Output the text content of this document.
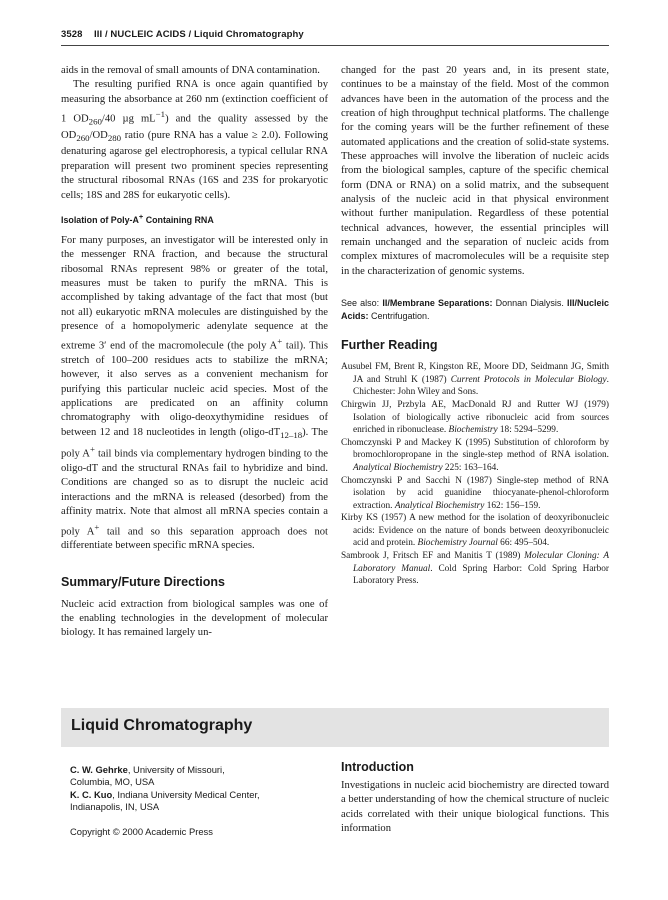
3528 III / NUCLEIC ACIDS / Liquid Chromatography

aids in the removal of small amounts of DNA contamination.

The resulting purified RNA is once again quantified by measuring the absorbance at 260 nm (extinction coefficient of 1 $OD_{260}/40$ µg $mL^{-1}$) and the quality assessed by the $OD_{260}/OD_{280}$ ratio (pure RNA has a value ≥ 2.0). Following denaturing agarose gel electrophoresis, a typical cellular RNA preparation will present two prominent species representing the structural ribosomal RNAs (16S and 23S for prokaryotic cells; 18S and 28S for eukaryotic cells).

Isolation of Poly-A+ Containing RNA

For many purposes, an investigator will be interested only in the messenger RNA fraction, and because the structural ribosomal RNAs represent 98% or greater of the total, measures must be taken to purify the mRNA. This is accomplished by taking advantage of the fact that most (but not all) eukaryotic mRNA molecules are distinguished by the presence of a homopolymeric adenylate sequence at the extreme 3′ end of the macromolecule (the poly A+ tail). This stretch of 100–200 residues acts to stabilize the mRNA; however, it also serves as a convenient mechanism for purifying this particular nucleic acid species. Most of the applications are predicated on an affinity column chromatography with oligo-deoxythymidine residues of between 12 and 18 nucleotides in length $(oligo-dT_{12-18})$. The poly A+ tail binds via complementary hydrogen binding to the oligo-dT and the structural RNAs fail to hybridize and bind. Conditions are changed so as to disrupt the nucleic acid interactions and the mRNA is released (desorbed) from the affinity matrix. Note that almost all mRNA species contain a poly A+ tail and so this separation approach does not differentiate between specific mRNA species.

Summary/Future Directions

Nucleic acid extraction from biological samples was one of the enabling technologies in the development of molecular biology. It has remained largely un-

changed for the past 20 years and, in its present state, continues to be a mainstay of the field. Most of the common advances have been in the automation of the process and the creation of high throughput technical platforms. The challenge for the coming years will be the further refinement of these automated applications and the creation of solid-state systems. These approaches will involve the liberation of nucleic acids from the biological samples, capture of the specific chemical form (DNA or RNA) on a solid matrix, and the subsequent analysis of the nucleic acid in that physical environment without further manipulation. Regardless of these potential technical advances, however, the essential principles will remain unchanged and the separation of nucleic acids from complex mixtures of macromolecules will be a requisite step in the characterization of genomic systems.

See also: II/Membrane Separations: Donnan Dialysis. III/Nucleic Acids: Centrifugation.

Further Reading
Ausubel FM, Brent R, Kingston RE, Moore DD, Seidmann JG, Smith JA and Struhl K (1987) Current Protocols in Molecular Biology. Chichester: John Wiley and Sons.
Chirgwin JJ, Przbyla AE, MacDonald RJ and Rutter WJ (1979) Isolation of biologically active ribonucleic acid from sources enriched in ribonuclease. Biochemistry 18: 5294–5299.
Chomczynski P and Mackey K (1995) Substitution of chloroform by bromochloropropane in the single-step method of RNA isolation. Analytical Biochemistry 225: 163–164.
Chomczynski P and Sacchi N (1987) Single-step method of RNA isolation by acid guanidine thiocyanate-phenol-chloroform extraction. Analytical Biochemistry 162: 156–159.
Kirby KS (1957) A new method for the isolation of deoxyribonucleic acids: Evidence on the nature of bonds between deoxyribonucleic acid and protein. Biochemistry Journal 66: 495–504.
Sambrook J, Fritsch EF and Manitis T (1989) Molecular Cloning: A Laboratory Manual. Cold Spring Harbor: Cold Spring Harbor Laboratory Press.
Liquid Chromatography
C. W. Gehrke, University of Missouri,
Columbia, MO, USA
K. C. Kuo, Indiana University Medical Center,
Indianapolis, IN, USA
Copyright © 2000 Academic Press
Introduction

Investigations in nucleic acid biochemistry are directed toward a better understanding of how the chemical structure of nucleic acids correlated with their unique biological functions. This information
